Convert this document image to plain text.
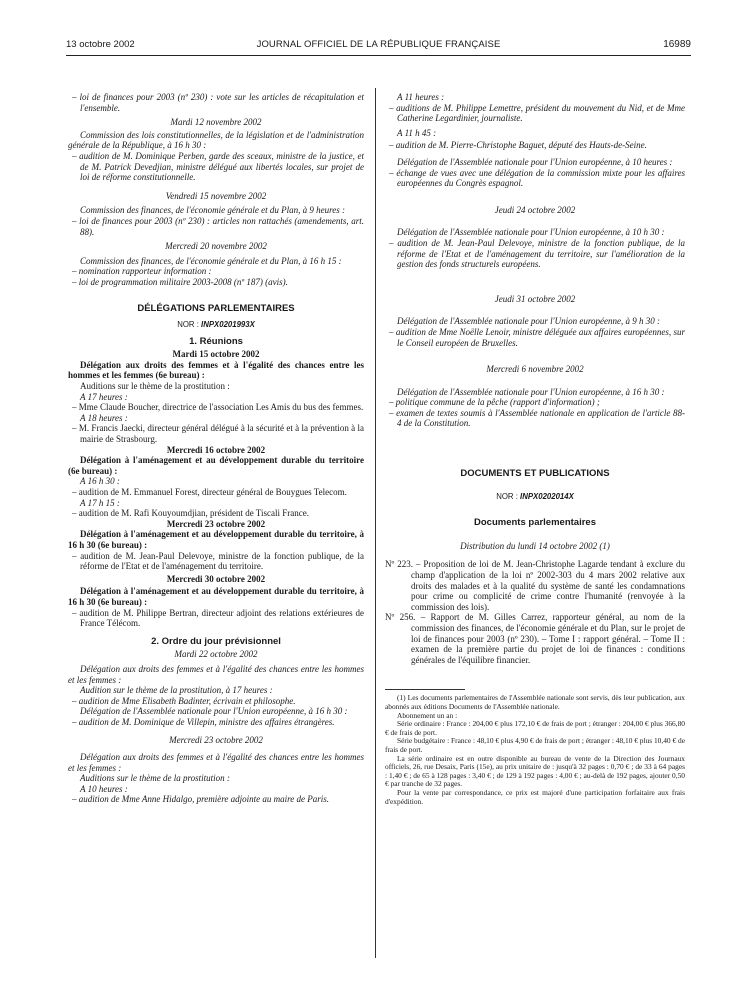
13 octobre 2002	JOURNAL OFFICIEL DE LA RÉPUBLIQUE FRANÇAISE	16989

– loi de finances pour 2003 (nº 230) : vote sur les articles de récapitulation et l'ensemble.

Mardi 12 novembre 2002

Commission des lois constitutionnelles, de la législation et de l'administration générale de la République, à 16 h 30 :

– audition de M. Dominique Perben, garde des sceaux, ministre de la justice, et de M. Patrick Devedjian, ministre délégué aux libertés locales, sur projet de loi de réforme constitutionnelle.

Vendredi 15 novembre 2002

Commission des finances, de l'économie générale et du Plan, à 9 heures :

– loi de finances pour 2003 (nº 230) : articles non rattachés (amendements, art. 88).

Mercredi 20 novembre 2002

Commission des finances, de l'économie générale et du Plan, à 16 h 15 :

– nomination rapporteur information :

– loi de programmation militaire 2003-2008 (nº 187) (avis).

DÉLÉGATIONS PARLEMENTAIRES

NOR : INPX0201993X

1. Réunions

Mardi 15 octobre 2002

Délégation aux droits des femmes et à l'égalité des chances entre les hommes et les femmes (6e bureau) :

Auditions sur le thème de la prostitution :

A 17 heures :

– Mme Claude Boucher, directrice de l'association Les Amis du bus des femmes.

A 18 heures :

– M. Francis Jaecki, directeur général délégué à la sécurité et à la prévention à la mairie de Strasbourg.

Mercredi 16 octobre 2002

Délégation à l'aménagement et au développement durable du territoire (6e bureau) :

A 16 h 30 :

– audition de M. Emmanuel Forest, directeur général de Bouygues Telecom.

A 17 h 15 :

– audition de M. Rafi Kouyoumdjian, président de Tiscali France.

Mercredi 23 octobre 2002

Délégation à l'aménagement et au développement durable du territoire, à 16 h 30 (6e bureau) :

– audition de M. Jean-Paul Delevoye, ministre de la fonction publique, de la réforme de l'Etat et de l'aménagement du territoire.

Mercredi 30 octobre 2002

Délégation à l'aménagement et au développement durable du territoire, à 16 h 30 (6e bureau) :

– audition de M. Philippe Bertran, directeur adjoint des relations extérieures de France Télécom.

2. Ordre du jour prévisionnel

Mardi 22 octobre 2002

Délégation aux droits des femmes et à l'égalité des chances entre les hommes et les femmes :

Audition sur le thème de la prostitution, à 17 heures :

– audition de Mme Elisabeth Badinter, écrivain et philosophe.

Délégation de l'Assemblée nationale pour l'Union européenne, à 16 h 30 :

– audition de M. Dominique de Villepin, ministre des affaires étrangères.

Mercredi 23 octobre 2002

Délégation aux droits des femmes et à l'égalité des chances entre les hommes et les femmes :

Auditions sur le thème de la prostitution :

A 10 heures :

– audition de Mme Anne Hidalgo, première adjointe au maire de Paris.

A 11 heures :

– auditions de M. Philippe Lemettre, président du mouvement du Nid, et de Mme Catherine Legardinier, journaliste.

A 11 h 45 :

– audition de M. Pierre-Christophe Baguet, député des Hauts-de-Seine.

Délégation de l'Assemblée nationale pour l'Union européenne, à 10 heures :

– échange de vues avec une délégation de la commission mixte pour les affaires européennes du Congrès espagnol.

Jeudi 24 octobre 2002

Délégation de l'Assemblée nationale pour l'Union européenne, à 10 h 30 :

– audition de M. Jean-Paul Delevoye, ministre de la fonction publique, de la réforme de l'Etat et de l'aménagement du territoire, sur l'amélioration de la gestion des fonds structurels européens.

Jeudi 31 octobre 2002

Délégation de l'Assemblée nationale pour l'Union européenne, à 9 h 30 :

– audition de Mme Noëlle Lenoir, ministre déléguée aux affaires européennes, sur le Conseil européen de Bruxelles.

Mercredi 6 novembre 2002

Délégation de l'Assemblée nationale pour l'Union européenne, à 16 h 30 :

– politique commune de la pêche (rapport d'information) ;

– examen de textes soumis à l'Assemblée nationale en application de l'article 88-4 de la Constitution.

DOCUMENTS ET PUBLICATIONS

NOR : INPX0202014X

Documents parlementaires

Distribution du lundi 14 octobre 2002 (1)

Nº 223. – Proposition de loi de M. Jean-Christophe Lagarde tendant à exclure du champ d'application de la loi nº 2002-303 du 4 mars 2002 relative aux droits des malades et à la qualité du système de santé les condamnations pour crime ou complicité de crime contre l'humanité (renvoyée à la commission des lois).

Nº 256. – Rapport de M. Gilles Carrez, rapporteur général, au nom de la commission des finances, de l'économie générale et du Plan, sur le projet de loi de finances pour 2003 (nº 230). – Tome I : rapport général. – Tome II : examen de la première partie du projet de loi de finances : conditions générales de l'équilibre financier.

(1) Les documents parlementaires de l'Assemblée nationale sont servis, dès leur publication, aux abonnés aux éditions Documents de l'Assemblée nationale.

Abonnement un an :

Série ordinaire : France : 204,00 € plus 172,10 € de frais de port ; étranger : 204,00 € plus 366,80 € de frais de port.

Série budgétaire : France : 48,10 € plus 4,90 € de frais de port ; étranger : 48,10 € plus 10,40 € de frais de port.

La série ordinaire est en outre disponible au bureau de vente de la Direction des Journaux officiels, 26, rue Desaix, Paris (15e), au prix unitaire de : jusqu'à 32 pages : 0,70 € ; de 33 à 64 pages : 1,40 € ; de 65 à 128 pages : 3,40 € ; de 129 à 192 pages : 4,00 € ; au-delà de 192 pages, ajouter 0,50 € par tranche de 32 pages.

Pour la vente par correspondance, ce prix est majoré d'une participation forfaitaire aux frais d'expédition.
